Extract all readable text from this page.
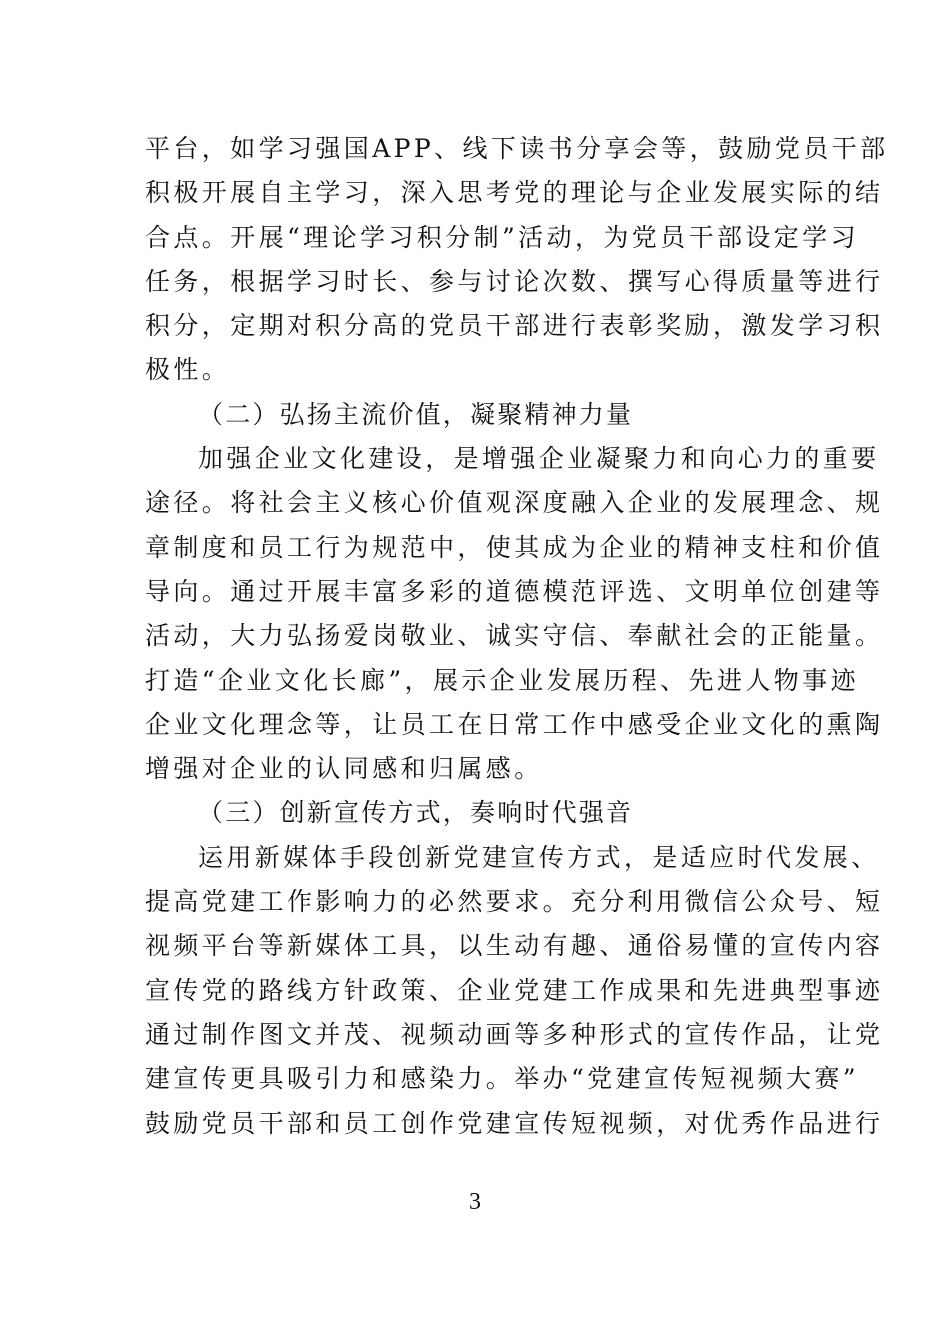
平台，如学习强国APP、线下读书分享会等，鼓励党员干部
积极开展自主学习，深入思考党的理论与企业发展实际的结
合点。开展“理论学习积分制”活动，为党员干部设定学习
任务，根据学习时长、参与讨论次数、撰写心得质量等进行
积分，定期对积分高的党员干部进行表彰奖励，激发学习积
极性。
（二）弘扬主流价值，凝聚精神力量
加强企业文化建设，是增强企业凝聚力和向心力的重要
途径。将社会主义核心价值观深度融入企业的发展理念、规
章制度和员工行为规范中，使其成为企业的精神支柱和价值
导向。通过开展丰富多彩的道德模范评选、文明单位创建等
活动，大力弘扬爱岗敬业、诚实守信、奉献社会的正能量。
打造“企业文化长廊”，展示企业发展历程、先进人物事迹
企业文化理念等，让员工在日常工作中感受企业文化的熏陶
增强对企业的认同感和归属感。
（三）创新宣传方式，奏响时代强音
运用新媒体手段创新党建宣传方式，是适应时代发展、
提高党建工作影响力的必然要求。充分利用微信公众号、短
视频平台等新媒体工具，以生动有趣、通俗易懂的宣传内容
宣传党的路线方针政策、企业党建工作成果和先进典型事迹
通过制作图文并茂、视频动画等多种形式的宣传作品，让党
建宣传更具吸引力和感染力。举办“党建宣传短视频大赛”
鼓励党员干部和员工创作党建宣传短视频，对优秀作品进行
3
